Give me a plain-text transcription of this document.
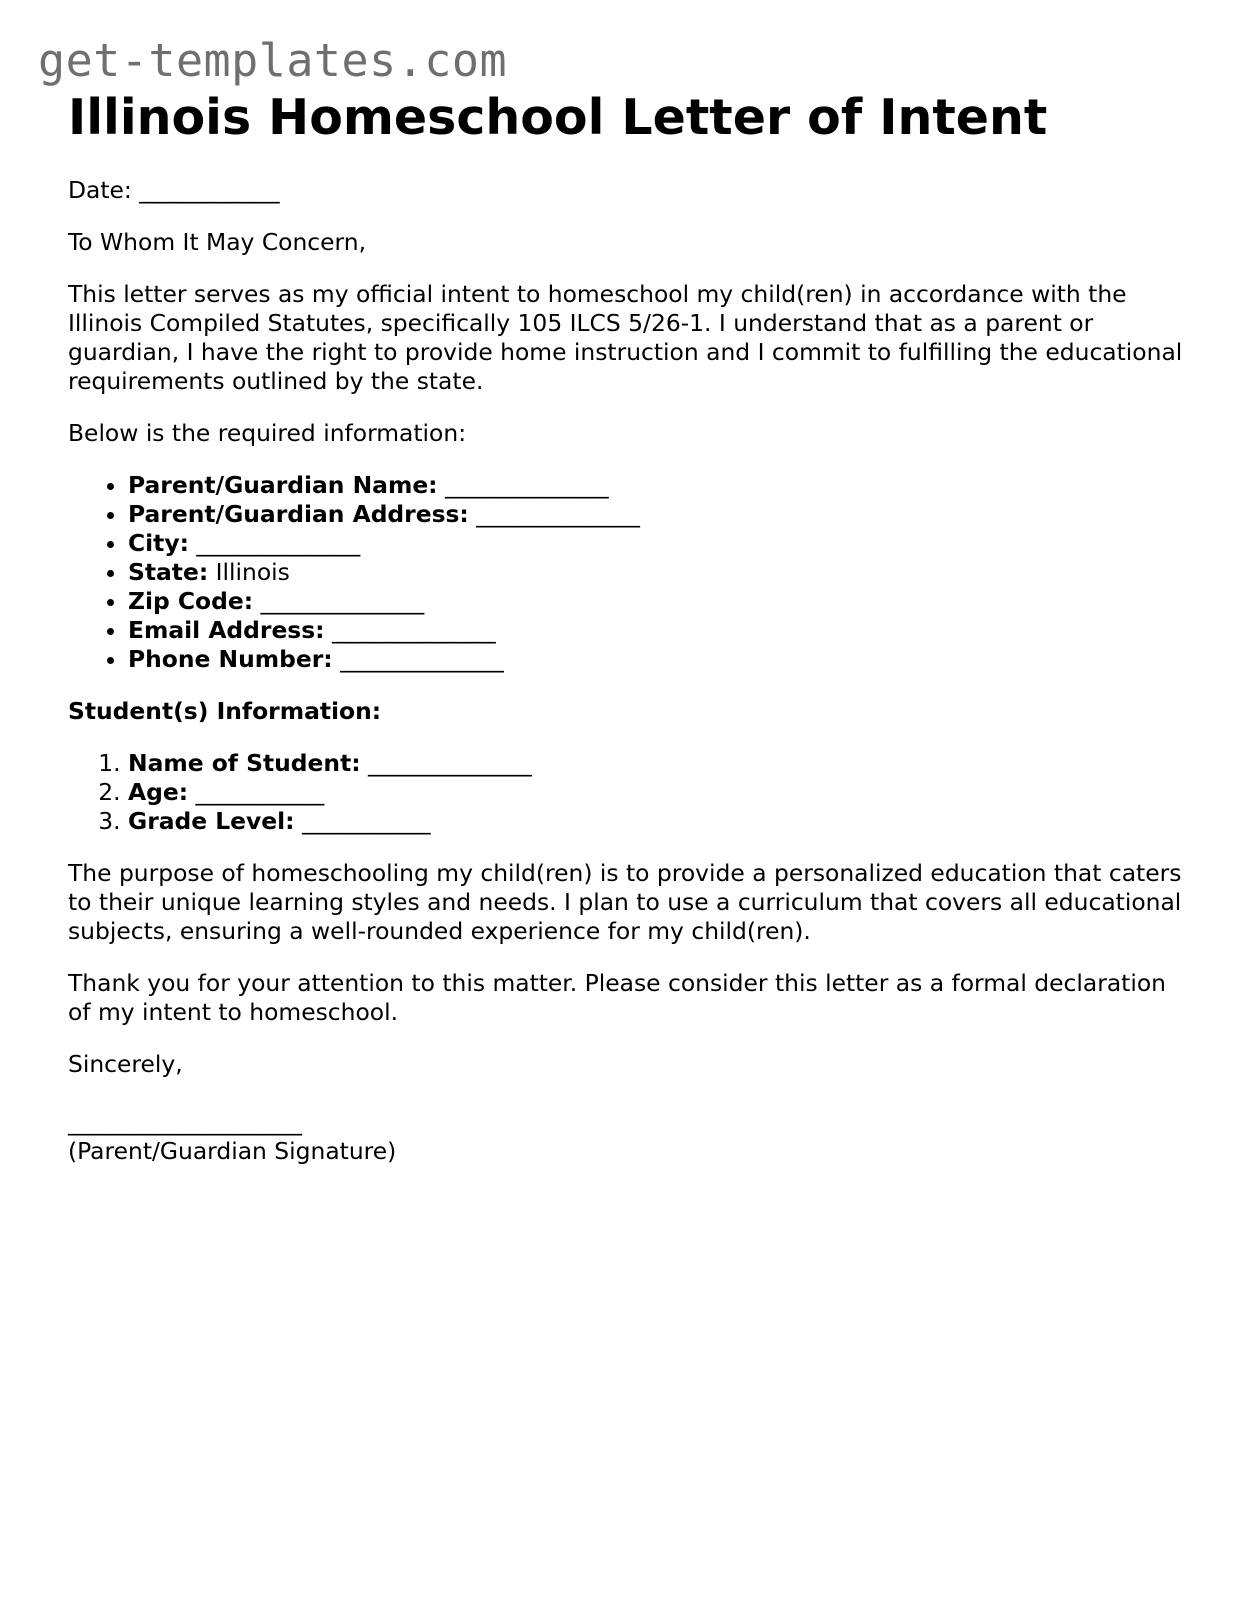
get-templates.com
Illinois Homeschool Letter of Intent

Date: ____________

To Whom It May Concern,

This letter serves as my official intent to homeschool my child(ren) in accordance with the Illinois Compiled Statutes, specifically 105 ILCS 5/26-1. I understand that as a parent or guardian, I have the right to provide home instruction and I commit to fulfilling the educational requirements outlined by the state.

Below is the required information:

• Parent/Guardian Name: ______________
• Parent/Guardian Address: ______________
• City: ______________
• State: Illinois
• Zip Code: ______________
• Email Address: ______________
• Phone Number: ______________

Student(s) Information:

1. Name of Student: ______________
2. Age: ___________
3. Grade Level: ___________

The purpose of homeschooling my child(ren) is to provide a personalized education that caters to their unique learning styles and needs. I plan to use a curriculum that covers all educational subjects, ensuring a well-rounded experience for my child(ren).

Thank you for your attention to this matter. Please consider this letter as a formal declaration of my intent to homeschool.

Sincerely,

____________________
(Parent/Guardian Signature)
